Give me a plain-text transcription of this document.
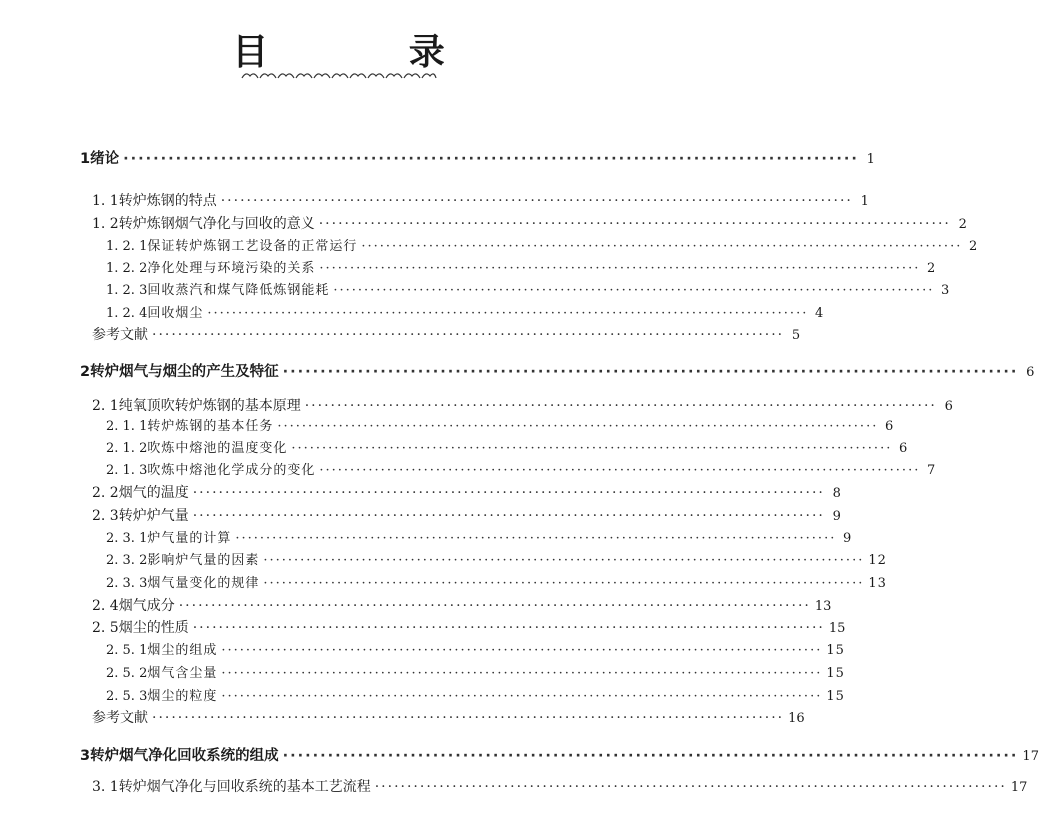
目 录
1 绪论 ·································································································· 1
1. 1 转炉炼钢的特点 ·································································································· 1
1. 2 转炉炼钢烟气净化与回收的意义 ·································································································· 2
1. 2. 1 保证转炉炼钢工艺设备的正常运行 ·································································································· 2
1. 2. 2 净化处理与环境污染的关系 ·································································································· 2
1. 2. 3 回收蒸汽和煤气降低炼钢能耗 ·································································································· 3
1. 2. 4 回收烟尘 ·································································································· 4
参考文献 ·································································································· 5
2 转炉烟气与烟尘的产生及特征 ·································································································· 6
2. 1 纯氧顶吹转炉炼钢的基本原理 ·································································································· 6
2. 1. 1 转炉炼钢的基本任务 ·································································································· 6
2. 1. 2 吹炼中熔池的温度变化 ·································································································· 6
2. 1. 3 吹炼中熔池化学成分的变化 ·································································································· 7
2. 2 烟气的温度 ·································································································· 8
2. 3 转炉炉气量 ·································································································· 9
2. 3. 1 炉气量的计算 ·································································································· 9
2. 3. 2 影响炉气量的因素 ·································································································· 12
2. 3. 3 烟气量变化的规律 ·································································································· 13
2. 4 烟气成分 ·································································································· 13
2. 5 烟尘的性质 ·································································································· 15
2. 5. 1 烟尘的组成 ·································································································· 15
2. 5. 2 烟气含尘量 ·································································································· 15
2. 5. 3 烟尘的粒度 ·································································································· 15
参考文献 ·································································································· 16
3 转炉烟气净化回收系统的组成 ·································································································· 17
3. 1 转炉烟气净化与回收系统的基本工艺流程 ·································································································· 17
